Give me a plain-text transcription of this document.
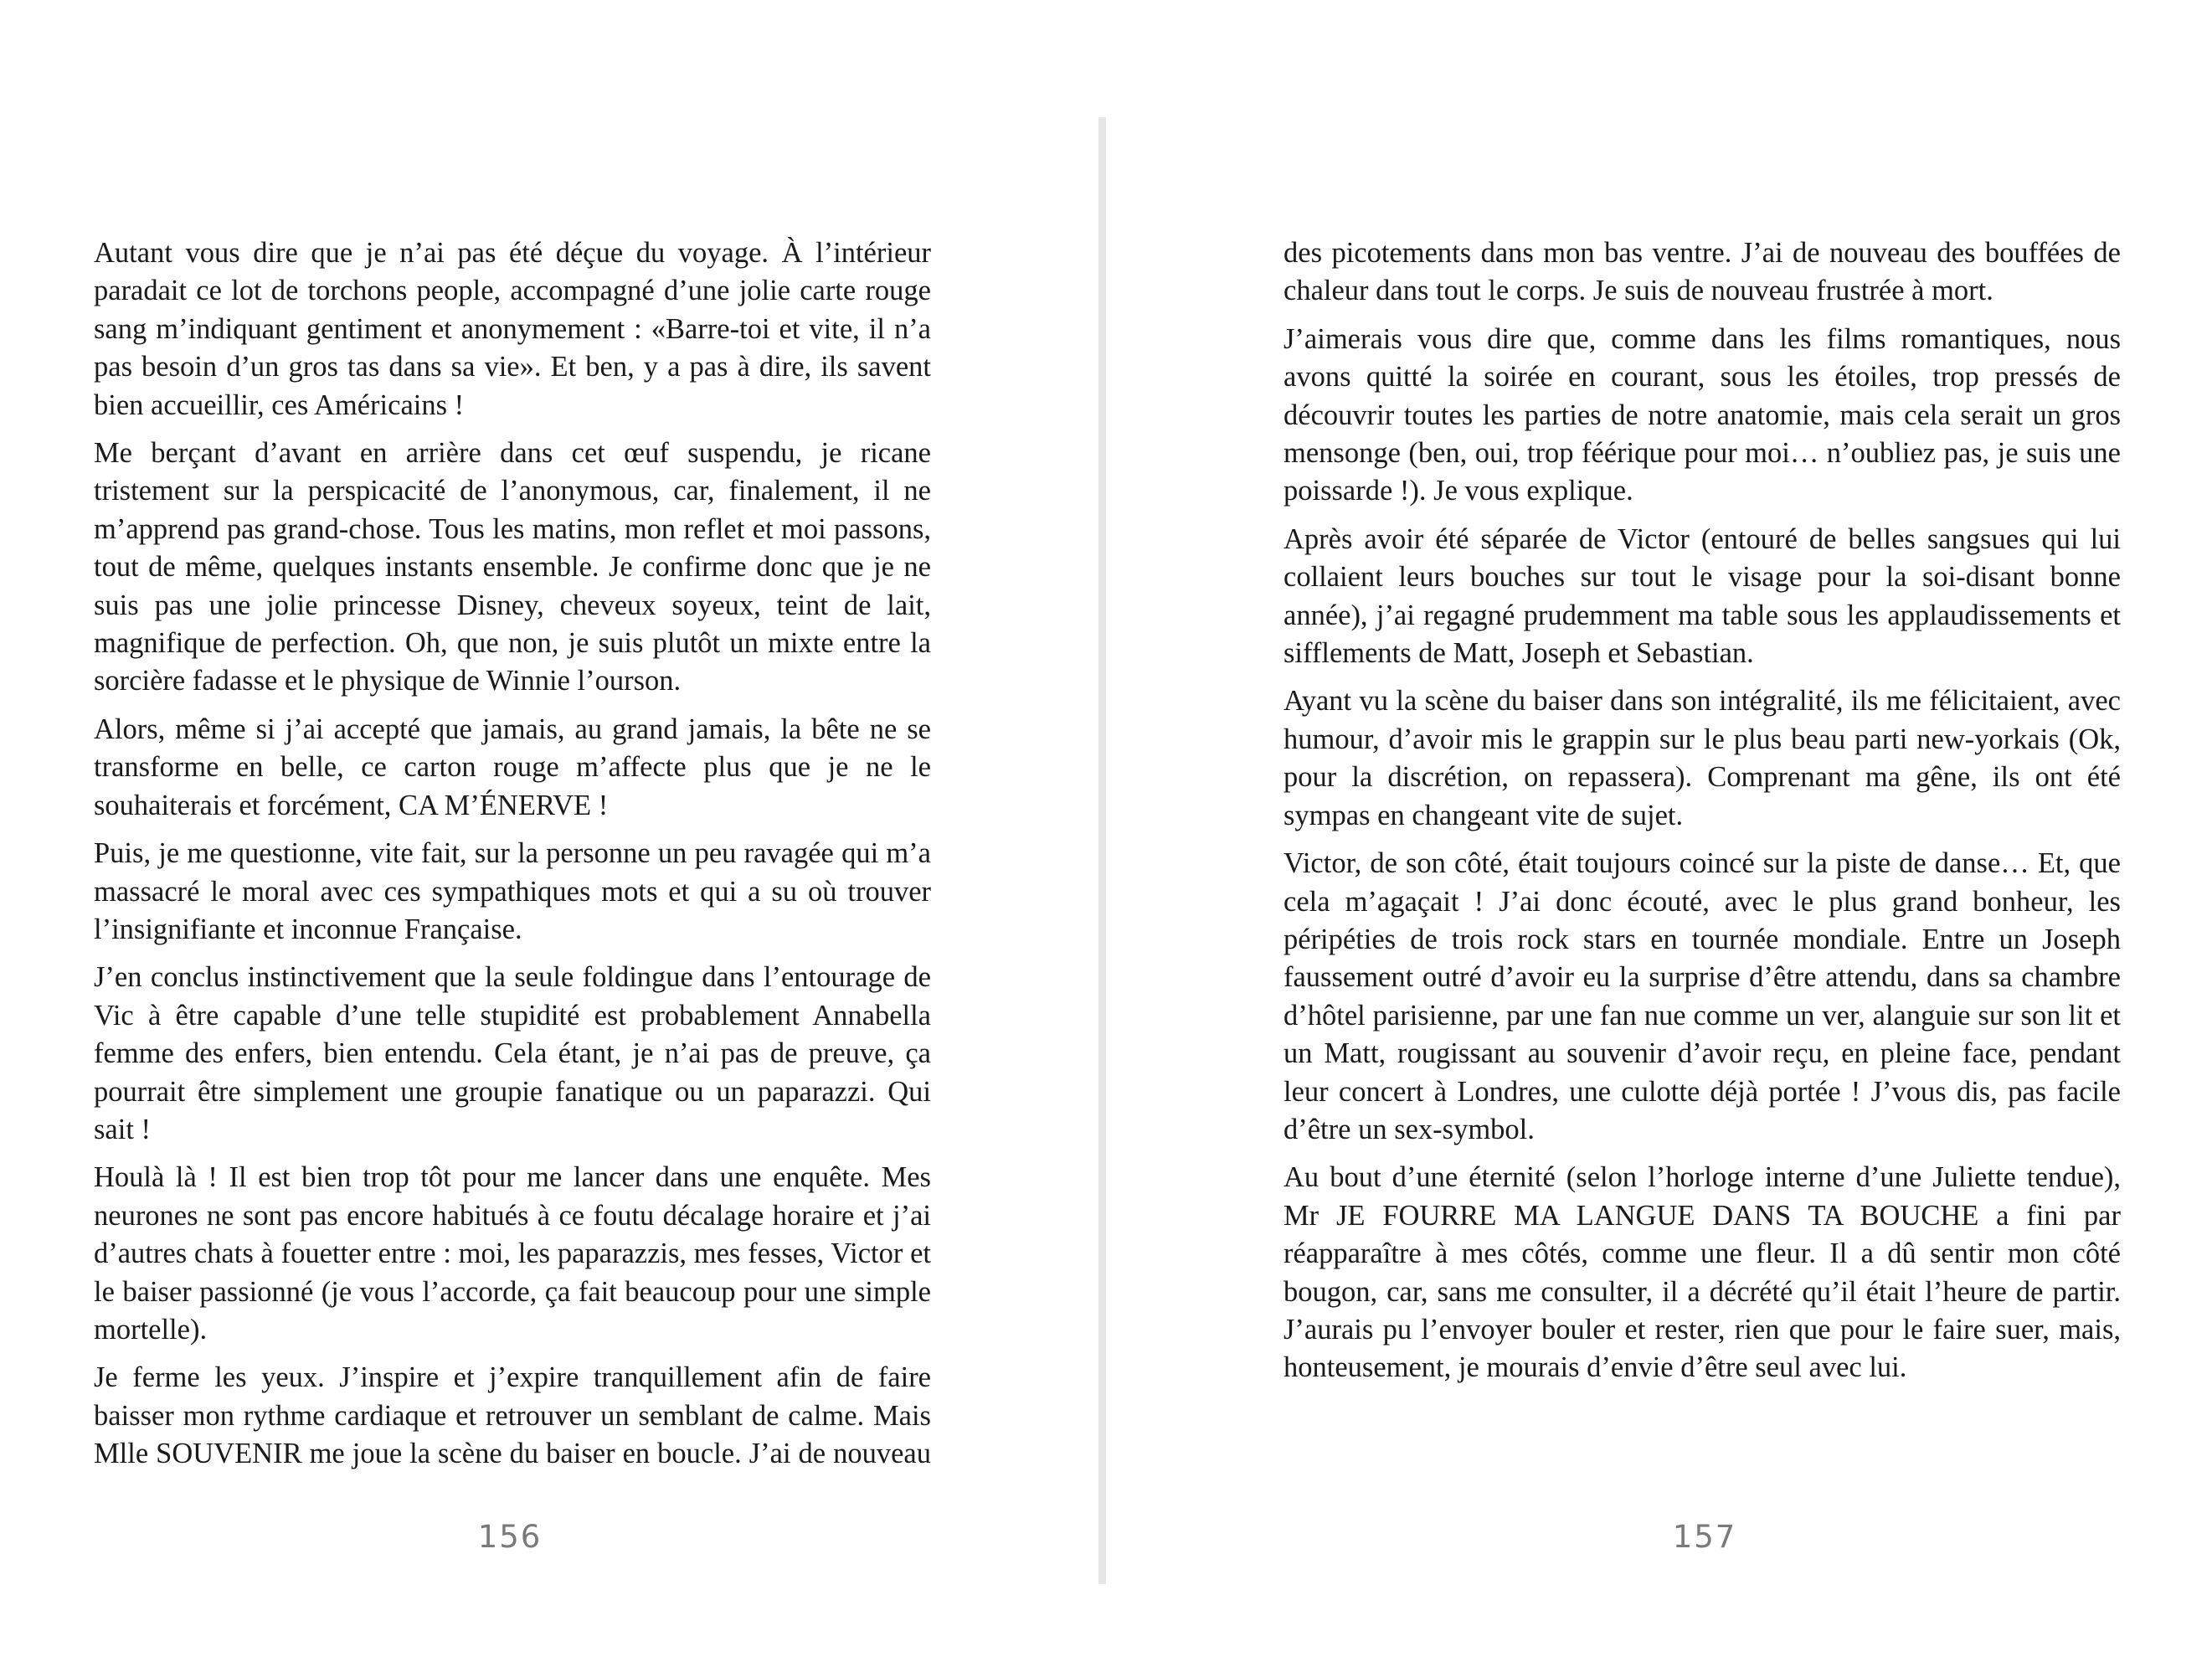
Autant vous dire que je n’ai pas été déçue du voyage. À l’intérieur paradait ce lot de torchons people, accompagné d’une jolie carte rouge sang m’indiquant gentiment et anonymement : «Barre-toi et vite, il n’a pas besoin d’un gros tas dans sa vie». Et ben, y a pas à dire, ils savent bien accueillir, ces Américains !

Me berçant d’avant en arrière dans cet œuf suspendu, je ricane tristement sur la perspicacité de l’anonymous, car, finalement, il ne m’apprend pas grand-chose. Tous les matins, mon reflet et moi passons, tout de même, quelques instants ensemble. Je confirme donc que je ne suis pas une jolie princesse Disney, cheveux soyeux, teint de lait, magnifique de perfection. Oh, que non, je suis plutôt un mixte entre la sorcière fadasse et le physique de Winnie l’ourson.

Alors, même si j’ai accepté que jamais, au grand jamais, la bête ne se transforme en belle, ce carton rouge m’affecte plus que je ne le souhaiterais et forcément, CA M’ÉNERVE !

Puis, je me questionne, vite fait, sur la personne un peu ravagée qui m’a massacré le moral avec ces sympathiques mots et qui a su où trouver l’insignifiante et inconnue Française.

J’en conclus instinctivement que la seule foldingue dans l’entourage de Vic à être capable d’une telle stupidité est probablement Annabella femme des enfers, bien entendu. Cela étant, je n’ai pas de preuve, ça pourrait être simplement une groupie fanatique ou un paparazzi. Qui sait !

Houlà là ! Il est bien trop tôt pour me lancer dans une enquête. Mes neurones ne sont pas encore habitués à ce foutu décalage horaire et j’ai d’autres chats à fouetter entre : moi, les paparazzis, mes fesses, Victor et le baiser passionné (je vous l’accorde, ça fait beaucoup pour une simple mortelle).

Je ferme les yeux. J’inspire et j’expire tranquillement afin de faire baisser mon rythme cardiaque et retrouver un semblant de calme. Mais Mlle SOUVENIR me joue la scène du baiser en boucle. J’ai de nouveau

des picotements dans mon bas ventre. J’ai de nouveau des bouffées de chaleur dans tout le corps. Je suis de nouveau frustrée à mort.

J’aimerais vous dire que, comme dans les films romantiques, nous avons quitté la soirée en courant, sous les étoiles, trop pressés de découvrir toutes les parties de notre anatomie, mais cela serait un gros mensonge (ben, oui, trop féérique pour moi… n’oubliez pas, je suis une poissarde !). Je vous explique.

Après avoir été séparée de Victor (entouré de belles sangsues qui lui collaient leurs bouches sur tout le visage pour la soi-disant bonne année), j’ai regagné prudemment ma table sous les applaudissements et sifflements de Matt, Joseph et Sebastian.

Ayant vu la scène du baiser dans son intégralité, ils me félicitaient, avec humour, d’avoir mis le grappin sur le plus beau parti new-yorkais (Ok, pour la discrétion, on repassera). Comprenant ma gêne, ils ont été sympas en changeant vite de sujet.

Victor, de son côté, était toujours coincé sur la piste de danse… Et, que cela m’agaçait ! J’ai donc écouté, avec le plus grand bonheur, les péripéties de trois rock stars en tournée mondiale. Entre un Joseph faussement outré d’avoir eu la surprise d’être attendu, dans sa chambre d’hôtel parisienne, par une fan nue comme un ver, alanguie sur son lit et un Matt, rougissant au souvenir d’avoir reçu, en pleine face, pendant leur concert à Londres, une culotte déjà portée ! J’vous dis, pas facile d’être un sex-symbol.

Au bout d’une éternité (selon l’horloge interne d’une Juliette tendue), Mr JE FOURRE MA LANGUE DANS TA BOUCHE a fini par réapparaître à mes côtés, comme une fleur. Il a dû sentir mon côté bougon, car, sans me consulter, il a décrété qu’il était l’heure de partir. J’aurais pu l’envoyer bouler et rester, rien que pour le faire suer, mais, honteusement, je mourais d’envie d’être seul avec lui.

156	157
